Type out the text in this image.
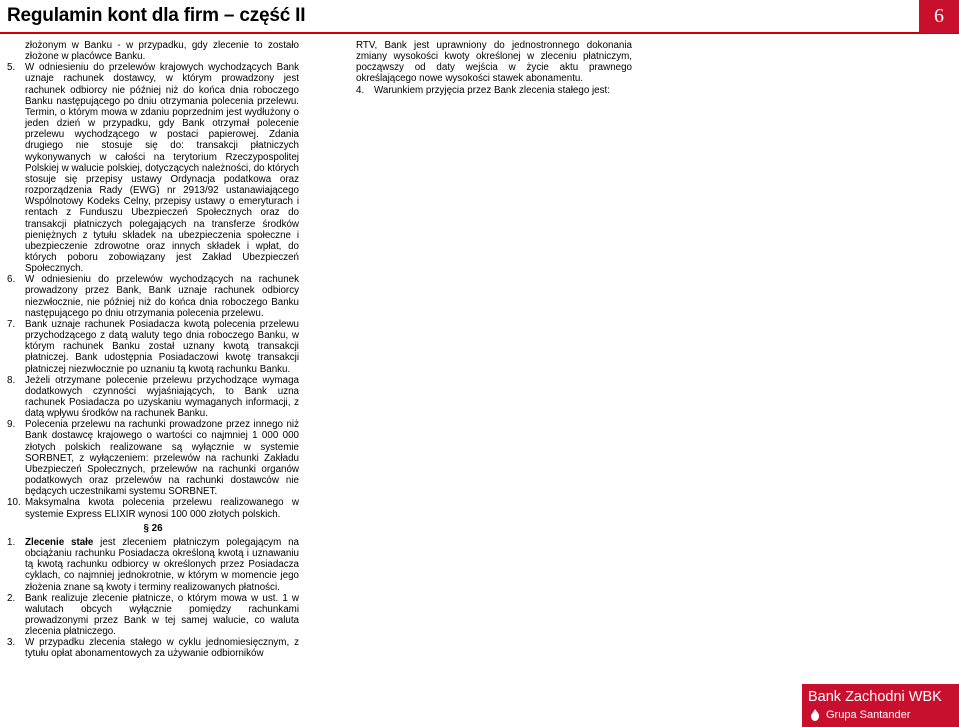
Regulamin kont dla firm – część II	6
złożonym w Banku - w przypadku, gdy zlecenie to zostało złożone w placówce Banku.
5.	W odniesieniu do przelewów krajowych wychodzących Bank uznaje rachunek dostawcy, w którym prowadzony jest rachunek odbiorcy nie później niż do końca dnia roboczego Banku następującego po dniu otrzymania polecenia przelewu. Termin, o którym mowa w zdaniu poprzednim jest wydłużony o jeden dzień w przypadku, gdy Bank otrzymał polecenie przelewu wychodzącego w postaci papierowej. Zdania drugiego nie stosuje się do: transakcji płatniczych wykonywanych w całości na terytorium Rzeczypospolitej Polskiej w walucie polskiej, dotyczących należności, do których stosuje się przepisy ustawy Ordynacja podatkowa oraz rozporządzenia Rady (EWG) nr 2913/92 ustanawiającego Wspólnotowy Kodeks Celny, przepisy ustawy o emeryturach i rentach z Funduszu Ubezpieczeń Społecznych oraz do transakcji płatniczych polegających na transferze środków pieniężnych z tytułu składek na ubezpieczenia społeczne i ubezpieczenie zdrowotne oraz innych składek i wpłat, do których poboru zobowiązany jest Zakład Ubezpieczeń Społecznych.
6.	W odniesieniu do przelewów wychodzących na rachunek prowadzony przez Bank, Bank uznaje rachunek odbiorcy niezwłocznie, nie później niż do końca dnia roboczego Banku następującego po dniu otrzymania polecenia przelewu.
7.	Bank uznaje rachunek Posiadacza kwotą polecenia przelewu przychodzącego z datą waluty tego dnia roboczego Banku, w którym rachunek Banku został uznany kwotą transakcji płatniczej. Bank udostępnia Posiadaczowi kwotę transakcji płatniczej niezwłocznie po uznaniu tą kwotą rachunku Banku.
8.	Jeżeli otrzymane polecenie przelewu przychodzące wymaga dodatkowych czynności wyjaśniających, to Bank uzna rachunek Posiadacza po uzyskaniu wymaganych informacji, z datą wpływu środków na rachunek Banku.
9.	Polecenia przelewu na rachunki prowadzone przez innego niż Bank dostawcę krajowego o wartości co najmniej 1 000 000 złotych polskich realizowane są wyłącznie w systemie SORBNET, z wyłączeniem: przelewów na rachunki Zakładu Ubezpieczeń Społecznych, przelewów na rachunki organów podatkowych oraz przelewów na rachunki dostawców nie będących uczestnikami systemu SORBNET.
10. Maksymalna kwota polecenia przelewu realizowanego w systemie Express ELIXIR wynosi 100 000 złotych polskich.
§ 26
1.	Zlecenie stałe jest zleceniem płatniczym polegającym na obciążaniu rachunku Posiadacza określoną kwotą i uznawaniu tą kwotą rachunku odbiorcy w określonych przez Posiadacza cyklach, co najmniej jednokrotnie, w którym w momencie jego złożenia znane są kwoty i terminy realizowanych płatności.
2.	Bank realizuje zlecenie płatnicze, o którym mowa w ust. 1 w walutach obcych wyłącznie pomiędzy rachunkami prowadzonymi przez Bank w tej samej walucie, co waluta zlecenia płatniczego.
3.	W przypadku zlecenia stałego w cyklu jednomiesięcznym, z tytułu opłat abonamentowych za używanie odbiorników
RTV, Bank jest uprawniony do jednostronnego dokonania zmiany wysokości kwoty określonej w zleceniu płatniczym, począwszy od daty wejścia w życie aktu prawnego określającego nowe wysokości stawek abonamentu.
4.	Warunkiem przyjęcia przez Bank zlecenia stałego jest:
Bank Zachodni WBK
Grupa Santander
